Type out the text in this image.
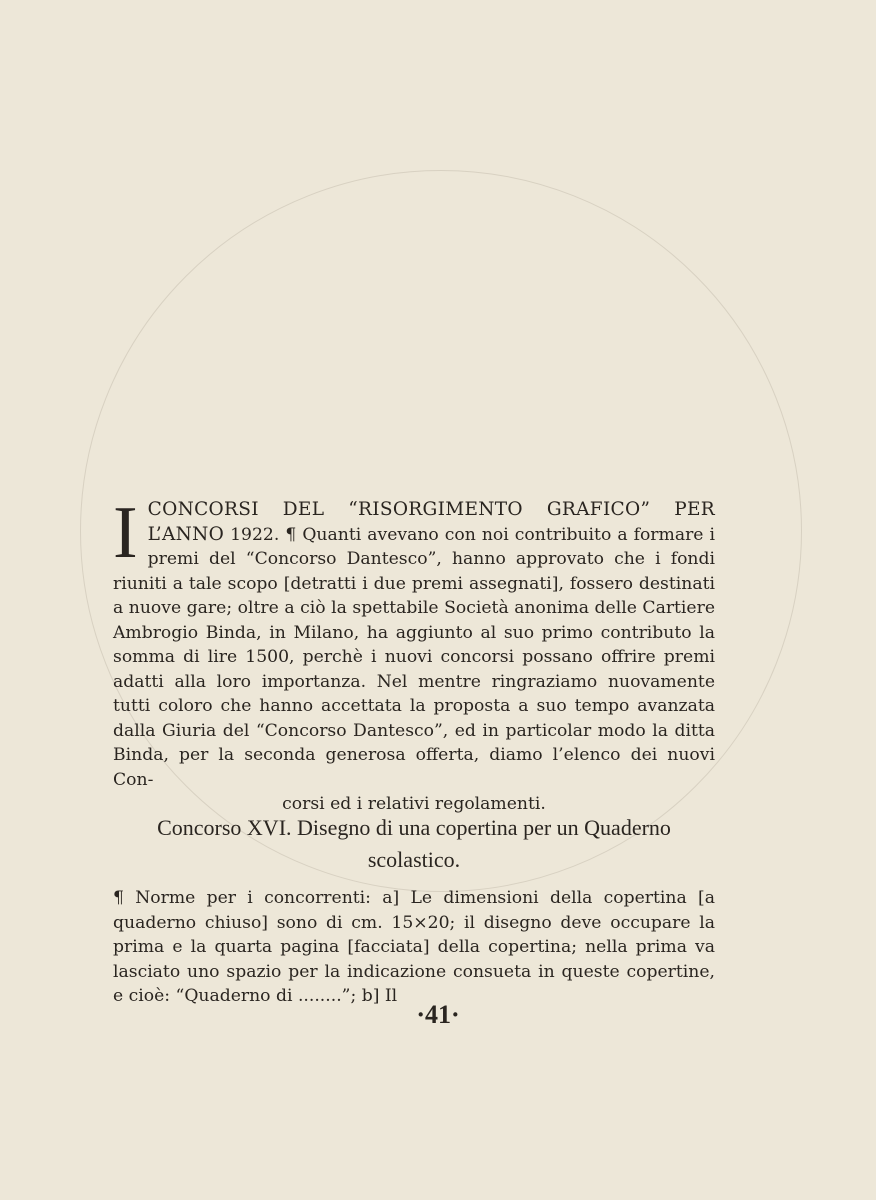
I CONCORSI DEL “RISORGIMENTO GRAFICO” PER L’ANNO 1922. ¶ Quanti avevano con noi contribuito a formare i premi del “Concorso Dantesco”, hanno approvato che i fondi riuniti a tale scopo [detratti i due premi assegnati], fossero destinati a nuove gare; oltre a ciò la spettabile Società anonima delle Cartiere Ambrogio Binda, in Milano, ha aggiunto al suo primo contributo la somma di lire 1500, perchè i nuovi concorsi possano offrire premi adatti alla loro importanza. Nel mentre ringraziamo nuovamente tutti coloro che hanno accettata la proposta a suo tempo avanzata dalla Giuria del “Concorso Dantesco”, ed in particolar modo la ditta Binda, per la seconda generosa offerta, diamo l’elenco dei nuovi Con-
corsi ed i relativi regolamenti.
Concorso XVI. Disegno di una copertina per un Quaderno scolastico.
¶ Norme per i concorrenti: a] Le dimensioni della copertina [a quaderno chiuso] sono di cm. 15×20; il disegno deve occupare la prima e la quarta pagina [facciata] della copertina; nella prima va lasciato uno spazio per la indicazione consueta in queste copertine, e cioè: “Quaderno di ........”; b] Il
·41·
